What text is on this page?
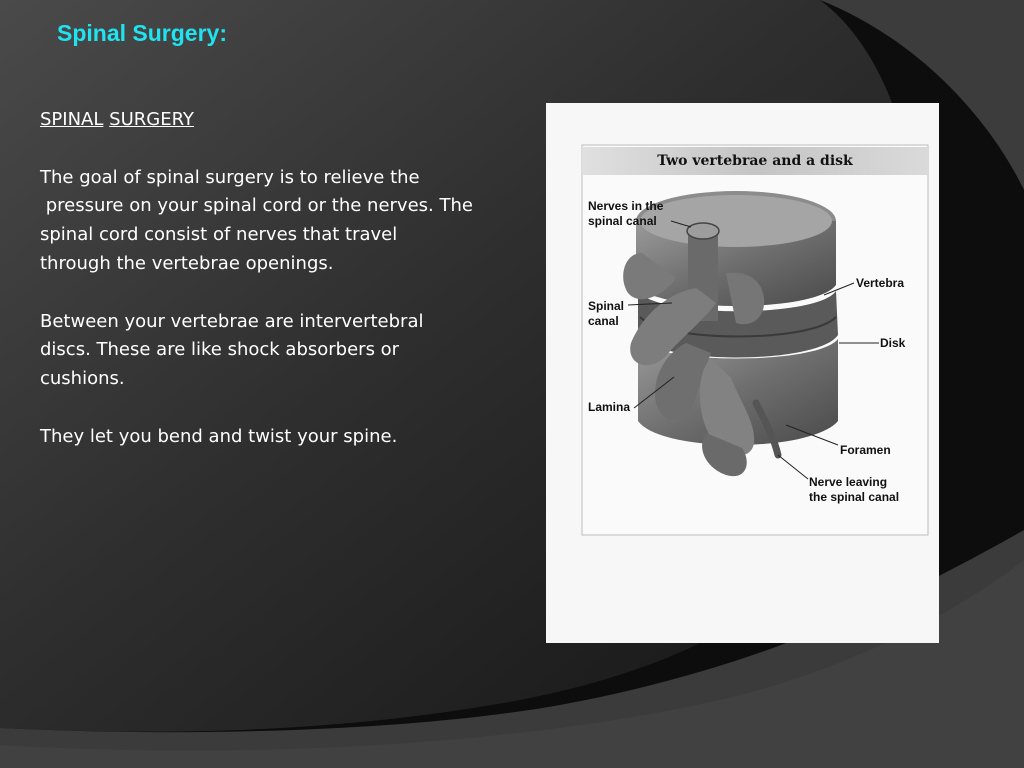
Spinal Surgery:

SPINAL SURGERY

The goal of spinal surgery is to relieve the

pressure on your spinal cord or the nerves. The

spinal cord consist of nerves that travel

through the vertebrae openings.

Between your vertebrae are intervertebral

discs. These are like shock absorbers or

cushions.

They let you bend and twist your spine.

Two vertebrae and a disk
Nerves in the
spinal canal
Spinal
canal
Lamina
Vertebra
Disk
Foramen
Nerve leaving
the spinal canal
